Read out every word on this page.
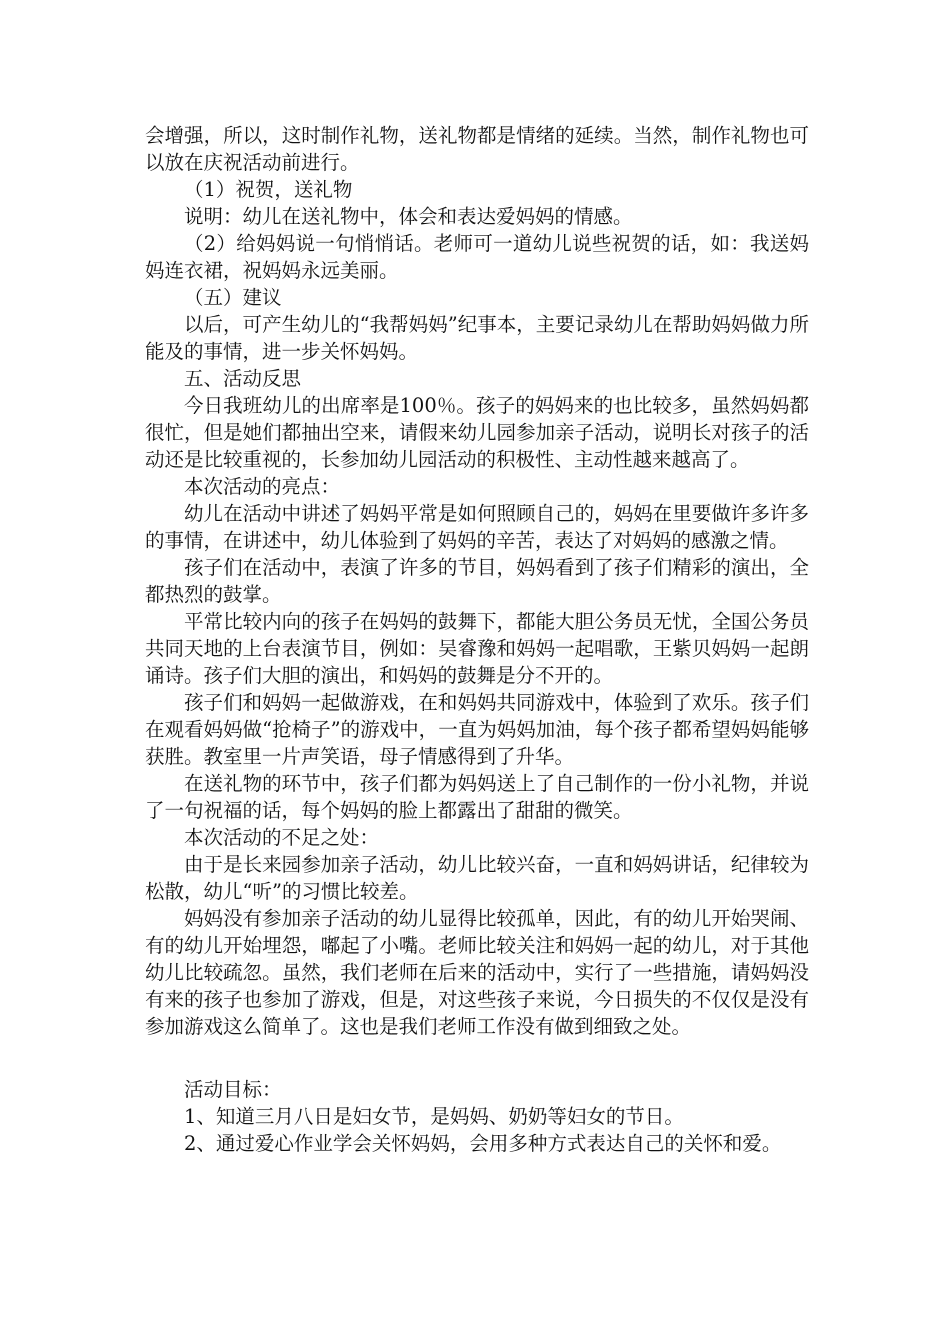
会增强，所以，这时制作礼物，送礼物都是情绪的延续。当然，制作礼物也可以放在庆祝活动前进行。

（1）祝贺，送礼物

说明：幼儿在送礼物中，体会和表达爱妈妈的情感。

（2）给妈妈说一句悄悄话。老师可一道幼儿说些祝贺的话，如：我送妈妈连衣裙，祝妈妈永远美丽。

（五）建议

以后，可产生幼儿的“我帮妈妈”纪事本，主要记录幼儿在帮助妈妈做力所能及的事情，进一步关怀妈妈。

五、活动反思

今日我班幼儿的出席率是100％。孩子的妈妈来的也比较多，虽然妈妈都很忙，但是她们都抽出空来，请假来幼儿园参加亲子活动，说明长对孩子的活动还是比较重视的，长参加幼儿园活动的积极性、主动性越来越高了。

本次活动的亮点：

幼儿在活动中讲述了妈妈平常是如何照顾自己的，妈妈在里要做许多许多的事情，在讲述中，幼儿体验到了妈妈的辛苦，表达了对妈妈的感激之情。

孩子们在活动中，表演了许多的节目，妈妈看到了孩子们精彩的演出，全都热烈的鼓掌。

平常比较内向的孩子在妈妈的鼓舞下，都能大胆公务员无忧，全国公务员共同天地的上台表演节目，例如：吴睿豫和妈妈一起唱歌，王紫贝妈妈一起朗诵诗。孩子们大胆的演出，和妈妈的鼓舞是分不开的。

孩子们和妈妈一起做游戏，在和妈妈共同游戏中，体验到了欢乐。孩子们在观看妈妈做“抢椅子”的游戏中，一直为妈妈加油，每个孩子都希望妈妈能够获胜。教室里一片声笑语，母子情感得到了升华。

在送礼物的环节中，孩子们都为妈妈送上了自己制作的一份小礼物，并说了一句祝福的话，每个妈妈的脸上都露出了甜甜的微笑。

本次活动的不足之处：

由于是长来园参加亲子活动，幼儿比较兴奋，一直和妈妈讲话，纪律较为松散，幼儿“听”的习惯比较差。

妈妈没有参加亲子活动的幼儿显得比较孤单，因此，有的幼儿开始哭闹、有的幼儿开始埋怨，嘟起了小嘴。老师比较关注和妈妈一起的幼儿，对于其他幼儿比较疏忽。虽然，我们老师在后来的活动中，实行了一些措施，请妈妈没有来的孩子也参加了游戏，但是，对这些孩子来说，今日损失的不仅仅是没有参加游戏这么简单了。这也是我们老师工作没有做到细致之处。

活动目标：

1、知道三月八日是妇女节，是妈妈、奶奶等妇女的节日。

2、通过爱心作业学会关怀妈妈，会用多种方式表达自己的关怀和爱。
